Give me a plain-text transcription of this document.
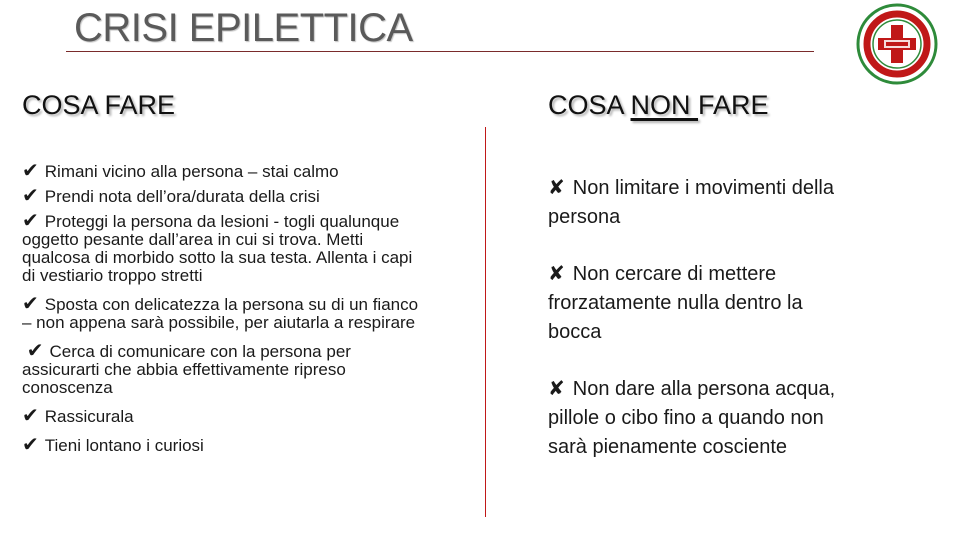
CRISI EPILETTICA
COSA FARE	COSA NON FARE
✔ Rimani vicino alla persona – stai calmo
✔ Prendi nota dell’ora/durata della crisi
✔ Proteggi la persona da lesioni - togli qualunque oggetto pesante dall’area in cui si trova. Metti qualcosa di morbido sotto la sua testa. Allenta i capi di vestiario troppo stretti
✔ Sposta con delicatezza la persona su di un fianco – non appena sarà possibile, per aiutarla a respirare
✔ Cerca di comunicare con la persona per assicurarti che abbia effettivamente ripreso conoscenza
✔ Rassicurala
✔ Tieni lontano i curiosi
✘ Non limitare i movimenti della persona
✘ Non cercare di mettere frorzatamente nulla dentro la bocca
✘ Non dare alla persona acqua, pillole o cibo fino a quando non sarà pienamente cosciente
